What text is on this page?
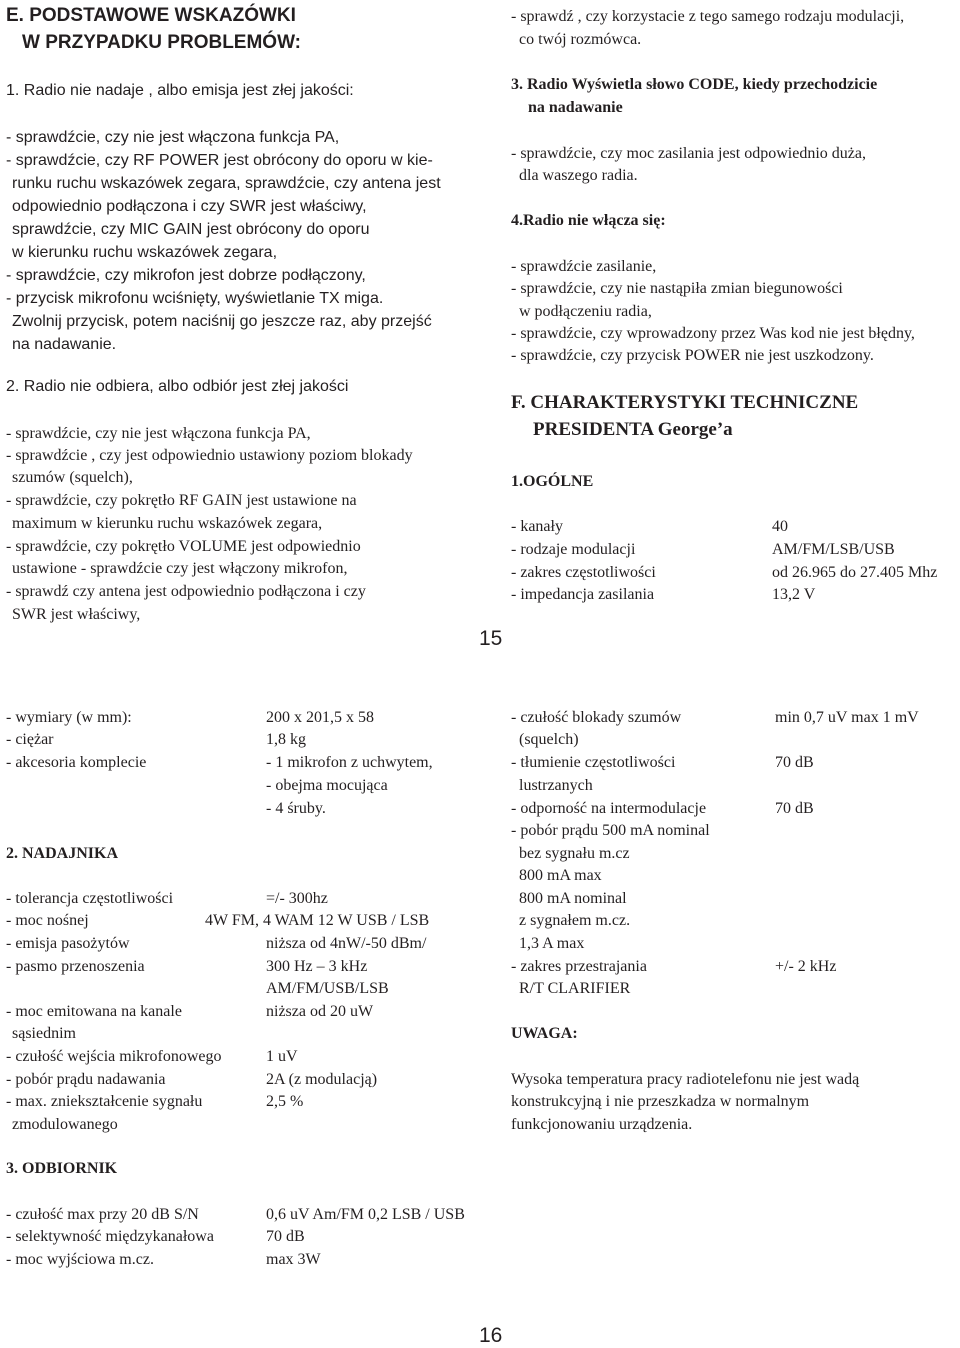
E. PODSTAWOWE WSKAZÓWKI
W PRZYPADKU PROBLEMÓW:
1. Radio nie nadaje , albo emisja jest złej jakości:
- sprawdźcie, czy nie jest włączona funkcja PA,
- sprawdźcie, czy RF POWER jest obrócony do oporu w kie-
runku ruchu wskazówek zegara, sprawdźcie, czy antena jest
odpowiednio podłączona i czy SWR jest właściwy,
sprawdźcie, czy MIC GAIN jest obrócony do oporu
w kierunku ruchu wskazówek zegara,
- sprawdźcie, czy mikrofon jest dobrze podłączony,
- przycisk mikrofonu wciśnięty, wyświetlanie TX miga.
Zwolnij przycisk, potem naciśnij go jeszcze raz, aby przejść
na nadawanie.
2. Radio nie odbiera, albo odbiór jest złej jakości
- sprawdźcie, czy nie jest włączona funkcja PA,
- sprawdźcie , czy jest odpowiednio ustawiony poziom blokady
szumów (squelch),
- sprawdźcie, czy pokrętło RF GAIN jest ustawione na
maximum w kierunku ruchu wskazówek zegara,
- sprawdźcie, czy pokrętło VOLUME jest odpowiednio
ustawione - sprawdźcie czy jest włączony mikrofon,
- sprawdź czy antena jest odpowiednio podłączona i czy
SWR jest właściwy,
- sprawdź , czy korzystacie z tego samego rodzaju modulacji,
co twój rozmówca.
3. Radio Wyświetla słowo CODE, kiedy przechodzicie
na nadawanie
- sprawdźcie, czy moc zasilania jest odpowiednio duża,
dla waszego radia.
4.Radio nie włącza się:
- sprawdźcie zasilanie,
- sprawdźcie, czy nie nastąpiła zmian biegunowości
w podłączeniu radia,
- sprawdźcie, czy wprowadzony przez Was kod nie jest błędny,
- sprawdźcie, czy przycisk POWER nie jest uszkodzony.
F. CHARAKTERYSTYKI TECHNICZNE
PRESIDENTA George’a
1.OGÓLNE
- kanały	40
- rodzaje modulacji	AM/FM/LSB/USB
- zakres częstotliwości	od 26.965 do 27.405 Mhz
- impedancja zasilania	13,2 V
15
- wymiary (w mm):	200 x 201,5 x 58
- ciężar	1,8 kg
- akcesoria komplecie	- 1 mikrofon z uchwytem,
- obejma mocująca
- 4 śruby.
2. NADAJNIKA
- tolerancja częstotliwości	=/- 300hz
- moc nośnej	4W FM, 4 WAM 12 W USB / LSB
- emisja pasożytów	niższa od 4nW/-50 dBm/
- pasmo przenoszenia	300 Hz – 3 kHz
AM/FM/USB/LSB
- moc emitowana na kanale	niższa od 20 uW
sąsiednim
- czułość wejścia mikrofonowego	1 uV
- pobór prądu nadawania	2A (z modulacją)
- max. zniekształcenie sygnału	2,5 %
zmodulowanego
3. ODBIORNIK
- czułość max przy 20 dB S/N	0,6 uV Am/FM 0,2 LSB / USB
- selektywność międzykanałowa	70 dB
- moc wyjściowa m.cz.	max 3W
- czułość blokady szumów	min 0,7 uV max 1 mV
(squelch)
- tłumienie częstotliwości	70 dB
lustrzanych
- odporność na intermodulacje	70 dB
- pobór prądu 500 mA nominal
bez sygnału m.cz
800 mA max
800 mA nominal
z sygnałem m.cz.
1,3 A max
- zakres przestrajania	+/- 2 kHz
R/T CLARIFIER
UWAGA:
Wysoka temperatura pracy radiotelefonu nie jest wadą
konstrukcyjną i nie przeszkadza w normalnym
funkcjonowaniu urządzenia.
16
